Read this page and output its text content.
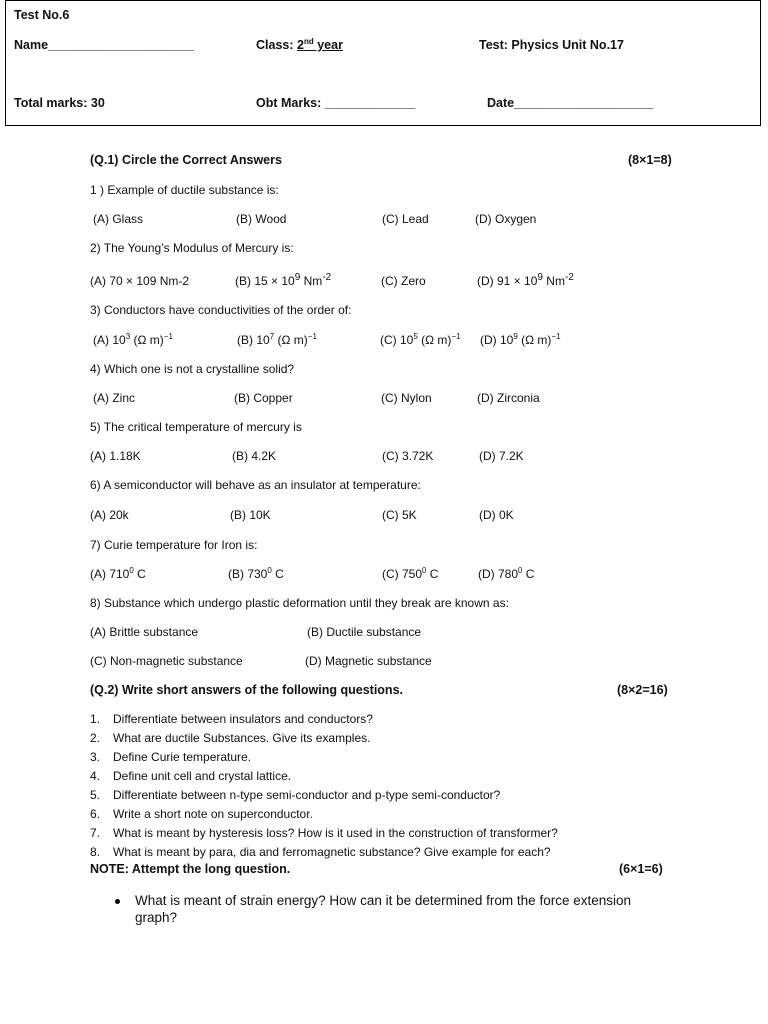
Test No.6
Name_____________________	Class: 2nd year	Test: Physics Unit No.17
Total marks: 30	Obt Marks: _____________	Date____________________
(Q.1) Circle the Correct Answers	(8×1=8)
1 ) Example of ductile substance is:
(A) Glass	(B) Wood	(C) Lead	(D) Oxygen
2) The Young’s Modulus of Mercury is:
(A) 70 × 109 Nm-2	(B) $15 \times 10^9$ $Nm^{-2}$	(C) Zero	(D) $91 \times 10^9$ $Nm^{-2}$
3) Conductors have conductivities of the order of:
(A) $10^3$ (Ω m)$^{-1}$	(B) $10^7$ (Ω m)$^{-1}$	(C) $10^5$ (Ω m)$^{-1}$ (D) $10^9$ (Ω m)$^{-1}$
4) Which one is not a crystalline solid?
(A) Zinc	(B) Copper	(C) Nylon	(D) Zirconia
5) The critical temperature of mercury is
(A) 1.18K	(B) 4.2K	(C) 3.72K	(D) 7.2K
6) A semiconductor will behave as an insulator at temperature:
(A) 20k	(B) 10K	(C) 5K	(D) 0K
7) Curie temperature for Iron is:
(A) $710^0$ C	(B) $730^0$ C	(C) $750^0$ C	(D) $780^0$ C
8) Substance which undergo plastic deformation until they break are known as:
(A) Brittle substance	(B) Ductile substance
(C) Non-magnetic substance	(D) Magnetic substance
(Q.2) Write short answers of the following questions.	(8×2=16)
1. Differentiate between insulators and conductors?
2. What are ductile Substances. Give its examples.
3. Define Curie temperature.
4. Define unit cell and crystal lattice.
5. Differentiate between n-type semi-conductor and p-type semi-conductor?
6. Write a short note on superconductor.
7. What is meant by hysteresis loss? How is it used in the construction of transformer?
8. What is meant by para, dia and ferromagnetic substance? Give example for each?
NOTE: Attempt the long question.	(6×1=6)
What is meant of strain energy? How can it be determined from the force extension
graph?
